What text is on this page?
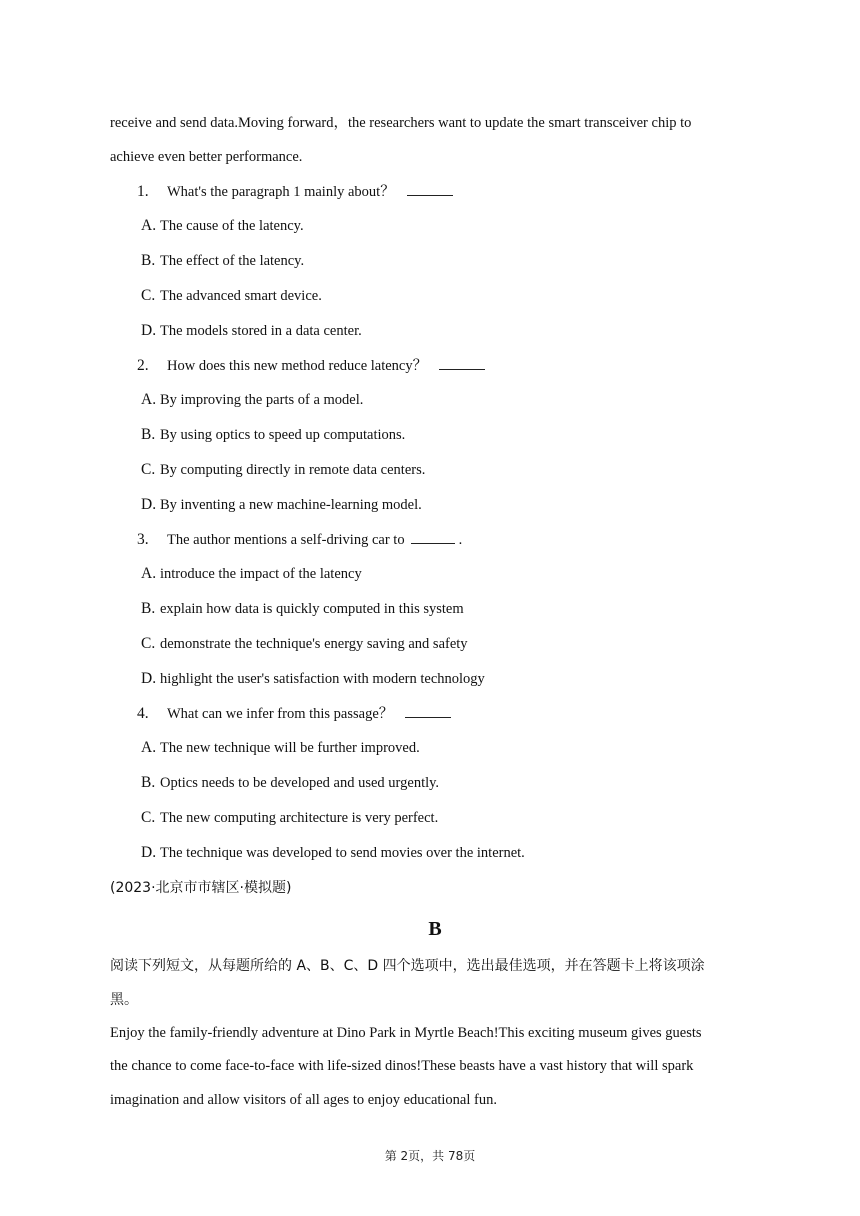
receive and send data.Moving forward，the researchers want to update the smart transceiver chip to
achieve even better performance.
1.	What's the paragraph 1 mainly about？
A. The cause of the latency.
B. The effect of the latency.
C. The advanced smart device.
D. The models stored in a data center.
2.	How does this new method reduce latency？
A. By improving the parts of a model.
B. By using optics to speed up computations.
C. By computing directly in remote data centers.
D. By inventing a new machine-learning model.
3.	The author mentions a self-driving car to	.
A. introduce the impact of the latency
B. explain how data is quickly computed in this system
C. demonstrate the technique's energy saving and safety
D. highlight the user's satisfaction with modern technology
4.	What can we infer from this passage？
A. The new technique will be further improved.
B. Optics needs to be developed and used urgently.
C. The new computing architecture is very perfect.
D. The technique was developed to send movies over the internet.
(2023·北京市市辖区·模拟题)
B
阅读下列短文，从每题所给的 A、B、C、D 四个选项中，选出最佳选项，并在答题卡上将该项涂
黑。
Enjoy the family-friendly adventure at Dino Park in Myrtle Beach!This exciting museum gives guests
the chance to come face-to-face with life-sized dinos!These beasts have a vast history that will spark
imagination and allow visitors of all ages to enjoy educational fun.
第 2页，共 78页
